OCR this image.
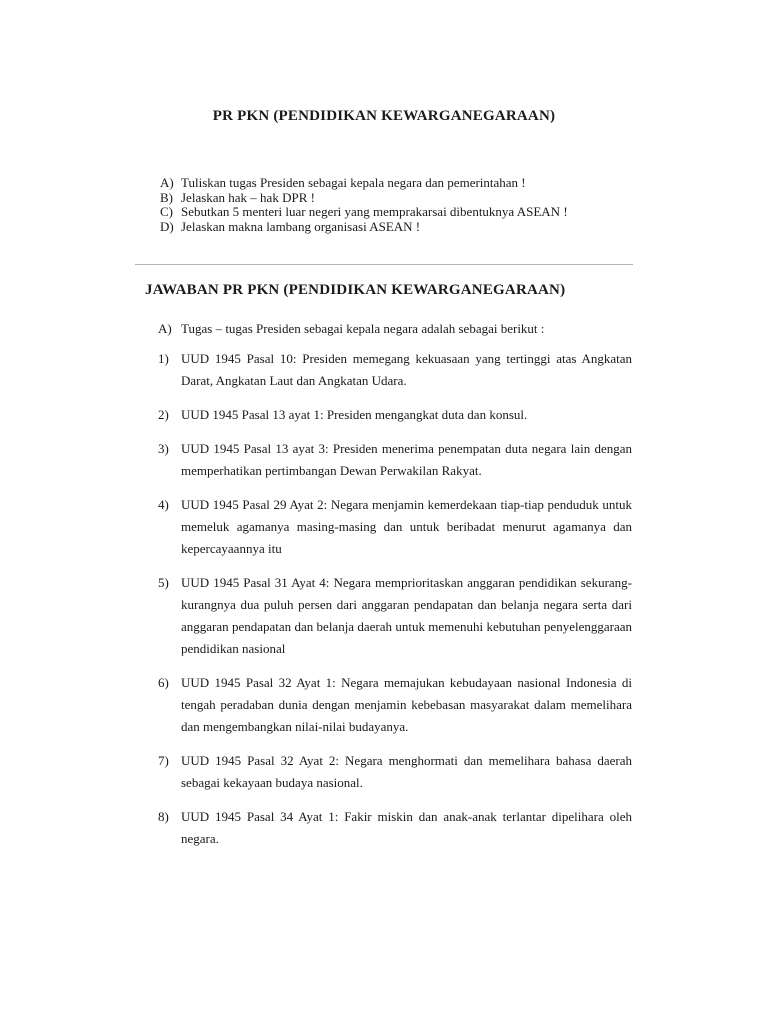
PR PKN (PENDIDIKAN KEWARGANEGARAAN)
A) Tuliskan tugas Presiden sebagai kepala negara dan pemerintahan !
B) Jelaskan hak – hak DPR !
C) Sebutkan 5 menteri luar negeri yang memprakarsai dibentuknya ASEAN !
D) Jelaskan makna lambang organisasi ASEAN !
JAWABAN PR PKN (PENDIDIKAN KEWARGANEGARAAN)
A) Tugas – tugas Presiden sebagai kepala negara adalah sebagai berikut :
1) UUD 1945 Pasal 10: Presiden memegang kekuasaan yang tertinggi atas Angkatan Darat, Angkatan Laut dan Angkatan Udara.
2) UUD 1945 Pasal 13 ayat 1: Presiden mengangkat duta dan konsul.
3) UUD 1945 Pasal 13 ayat 3: Presiden menerima penempatan duta negara lain dengan memperhatikan pertimbangan Dewan Perwakilan Rakyat.
4) UUD 1945 Pasal 29 Ayat 2: Negara menjamin kemerdekaan tiap-tiap penduduk untuk memeluk agamanya masing-masing dan untuk beribadat menurut agamanya dan kepercayaannya itu
5) UUD 1945 Pasal 31 Ayat 4: Negara memprioritaskan anggaran pendidikan sekurang-kurangnya dua puluh persen dari anggaran pendapatan dan belanja negara serta dari anggaran pendapatan dan belanja daerah untuk memenuhi kebutuhan penyelenggaraan pendidikan nasional
6) UUD 1945 Pasal 32 Ayat 1: Negara memajukan kebudayaan nasional Indonesia di tengah peradaban dunia dengan menjamin kebebasan masyarakat dalam memelihara dan mengembangkan nilai-nilai budayanya.
7) UUD 1945 Pasal 32 Ayat 2: Negara menghormati dan memelihara bahasa daerah sebagai kekayaan budaya nasional.
8) UUD 1945 Pasal 34 Ayat 1: Fakir miskin dan anak-anak terlantar dipelihara oleh negara.
